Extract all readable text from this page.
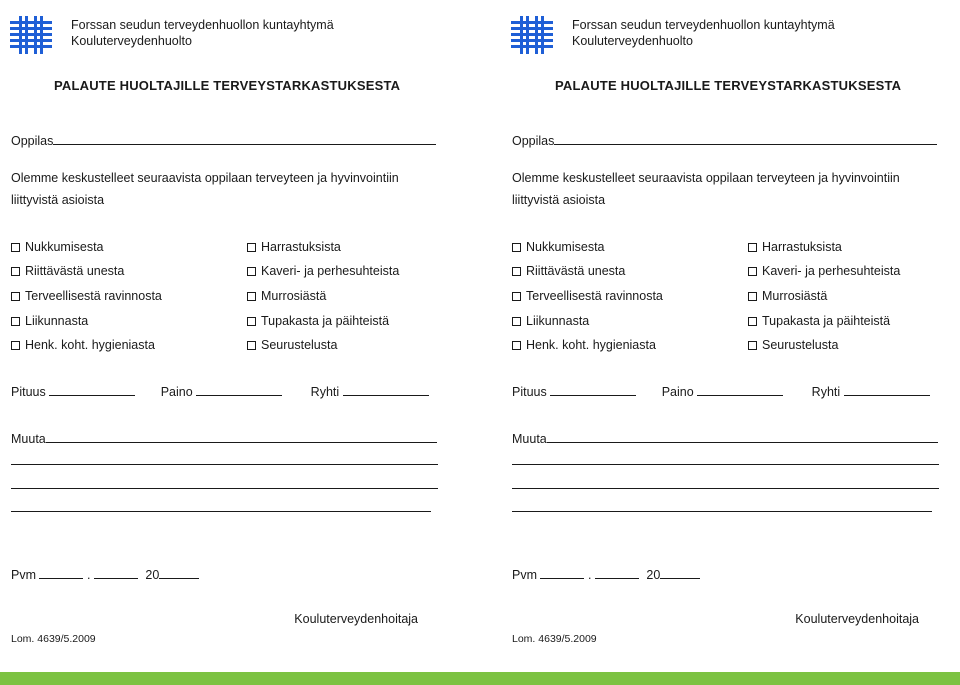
Forssan seudun terveydenhuollon kuntayhtymä
Kouluterveydenhuolto
PALAUTE HUOLTAJILLE TERVEYSTARKASTUKSESTA
Oppilas
Olemme keskustelleet seuraavista oppilaan terveyteen ja hyvinvointiin
liittyvistä asioista
Nukkumisesta
Riittävästä unesta
Terveellisestä ravinnosta
Liikunnasta
Henk. koht. hygieniasta
Harrastuksista
Kaveri- ja perhesuhteista
Murrosiästä
Tupakasta ja päihteistä
Seurustelusta
Pituus	Paino	Ryhti
Muuta
Pvm	.	20
Kouluterveydenhoitaja
Lom. 4639/5.2009
Forssan seudun terveydenhuollon kuntayhtymä
Kouluterveydenhuolto
PALAUTE HUOLTAJILLE TERVEYSTARKASTUKSESTA
Oppilas
Olemme keskustelleet seuraavista oppilaan terveyteen ja hyvinvointiin
liittyvistä asioista
Nukkumisesta
Riittävästä unesta
Terveellisestä ravinnosta
Liikunnasta
Henk. koht. hygieniasta
Harrastuksista
Kaveri- ja perhesuhteista
Murrosiästä
Tupakasta ja päihteistä
Seurustelusta
Pituus	Paino	Ryhti
Muuta
Pvm	.	20
Kouluterveydenhoitaja
Lom. 4639/5.2009
